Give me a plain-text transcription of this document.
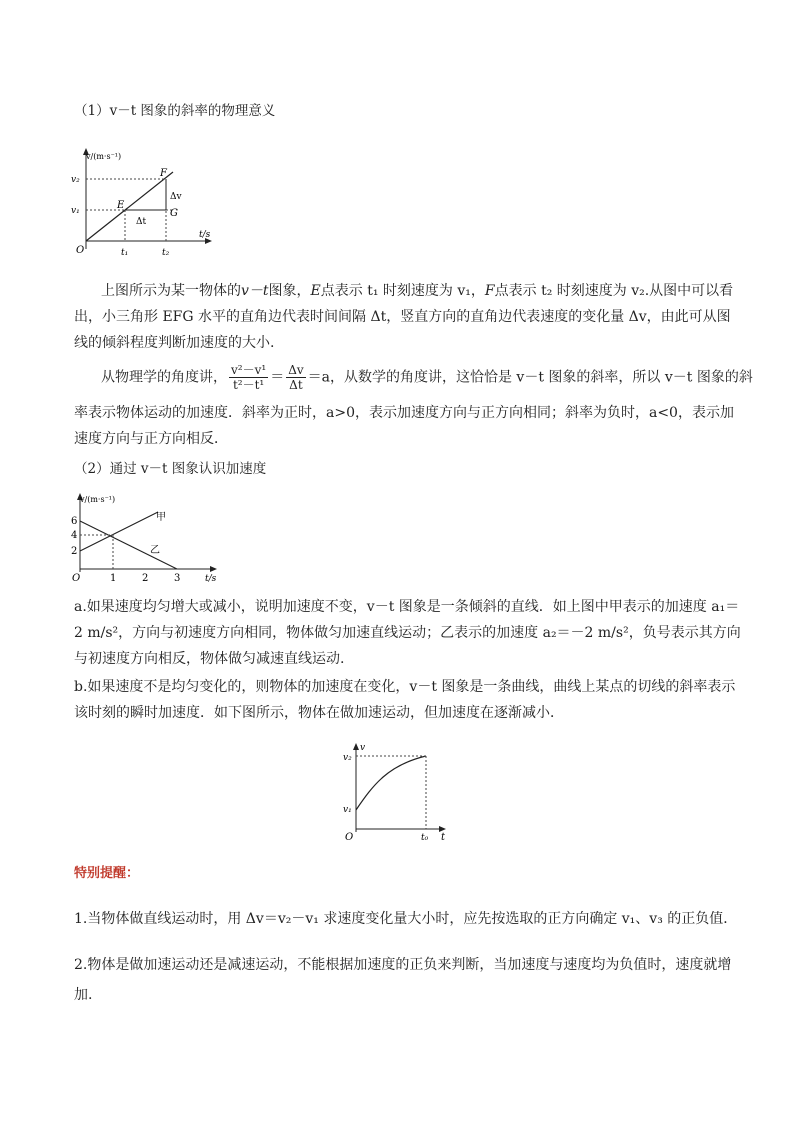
（1）v－t 图象的斜率的物理意义
v/(m·s⁻¹)
t/s
O
v₂
v₁
t₁	t₂
E
F
G
Δv
Δt
上图所示为某一物体的v－t图象，E点表示 t₁ 时刻速度为 v₁，F点表示 t₂ 时刻速度为 v₂.从图中可以看
出，小三角形 EFG 水平的直角边代表时间间隔 Δt，竖直方向的直角边代表速度的变化量 Δv，由此可从图
线的倾斜程度判断加速度的大小.
从物理学的角度讲， $\frac{\text{v²－v¹}}{\text{t²－t¹}} = \frac{\Delta v}{\Delta t} =a$，从数学的角度讲，这恰恰是 v－t 图象的斜率，所以 v－t 图象的斜
率表示物体运动的加速度．斜率为正时，a>0，表示加速度方向与正方向相同；斜率为负时，a<0，表示加
速度方向与正方向相反．
（2）通过 v－t 图象认识加速度
v/(m·s⁻¹)
t/s
O
6
4
2
1	2	3
甲
乙
a.如果速度均匀增大或减小，说明加速度不变，v－t 图象是一条倾斜的直线．如上图中甲表示的加速度 a₁＝
2 m/s²，方向与初速度方向相同，物体做匀加速直线运动；乙表示的加速度 a₂＝－2 m/s²，负号表示其方向
与初速度方向相反，物体做匀减速直线运动.
b.如果速度不是均匀变化的，则物体的加速度在变化，v－t 图象是一条曲线，曲线上某点的切线的斜率表示
该时刻的瞬时加速度．如下图所示，物体在做加速运动，但加速度在逐渐减小．
v
t
O
v₂
v₁
t₀
特别提醒：
1.当物体做直线运动时，用 Δv＝v₂－v₁ 求速度变化量大小时，应先按选取的正方向确定 v₁、v₃ 的正负值．
2.物体是做加速运动还是减速运动，不能根据加速度的正负来判断，当加速度与速度均为负值时，速度就增
加.
